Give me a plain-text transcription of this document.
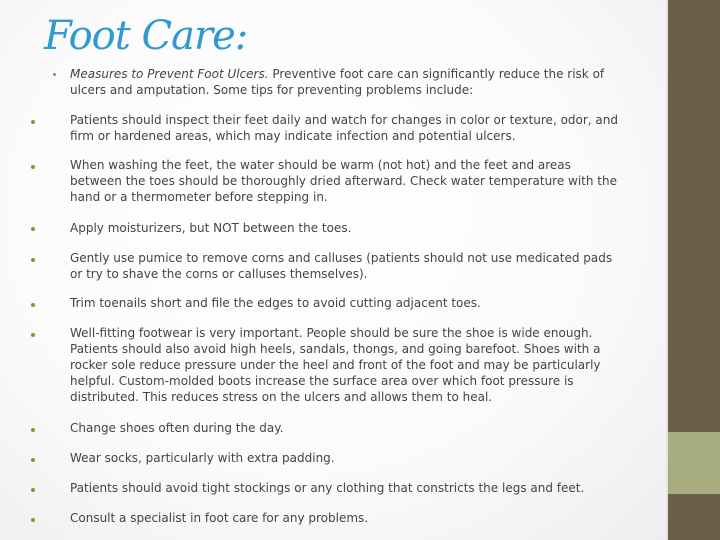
Foot Care:
Measures to Prevent Foot Ulcers. Preventive foot care can significantly reduce the risk of ulcers and amputation. Some tips for preventing problems include:
Patients should inspect their feet daily and watch for changes in color or texture, odor, and firm or hardened areas, which may indicate infection and potential ulcers.
When washing the feet, the water should be warm (not hot) and the feet and areas between the toes should be thoroughly dried afterward. Check water temperature with the hand or a thermometer before stepping in.
Apply moisturizers, but NOT between the toes.
Gently use pumice to remove corns and calluses (patients should not use medicated pads or try to shave the corns or calluses themselves).
Trim toenails short and file the edges to avoid cutting adjacent toes.
Well-fitting footwear is very important. People should be sure the shoe is wide enough. Patients should also avoid high heels, sandals, thongs, and going barefoot. Shoes with a rocker sole reduce pressure under the heel and front of the foot and may be particularly helpful. Custom-molded boots increase the surface area over which foot pressure is distributed. This reduces stress on the ulcers and allows them to heal.
Change shoes often during the day.
Wear socks, particularly with extra padding.
Patients should avoid tight stockings or any clothing that constricts the legs and feet.
Consult a specialist in foot care for any problems.
